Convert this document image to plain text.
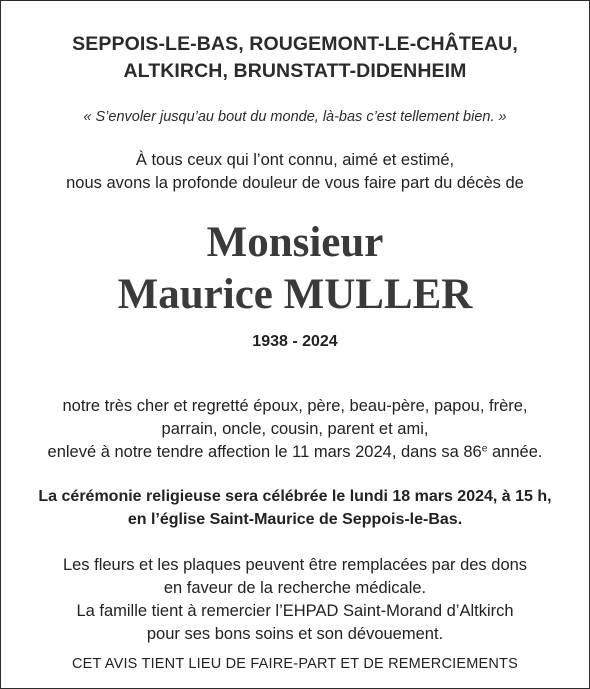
SEPPOIS-LE-BAS, ROUGEMONT-LE-CHÂTEAU,
ALTKIRCH, BRUNSTATT-DIDENHEIM
« S’envoler jusqu’au bout du monde, là-bas c’est tellement bien. »
À tous ceux qui l’ont connu, aimé et estimé,
nous avons la profonde douleur de vous faire part du décès de
Monsieur
Maurice MULLER
1938 - 2024
notre très cher et regretté époux, père, beau-père, papou, frère,
parrain, oncle, cousin, parent et ami,
enlevé à notre tendre affection le 11 mars 2024, dans sa 86e année.
La cérémonie religieuse sera célébrée le lundi 18 mars 2024, à 15 h,
en l’église Saint-Maurice de Seppois-le-Bas.
Les fleurs et les plaques peuvent être remplacées par des dons
en faveur de la recherche médicale.
La famille tient à remercier l’EHPAD Saint-Morand d’Altkirch
pour ses bons soins et son dévouement.
CET AVIS TIENT LIEU DE FAIRE-PART ET DE REMERCIEMENTS
